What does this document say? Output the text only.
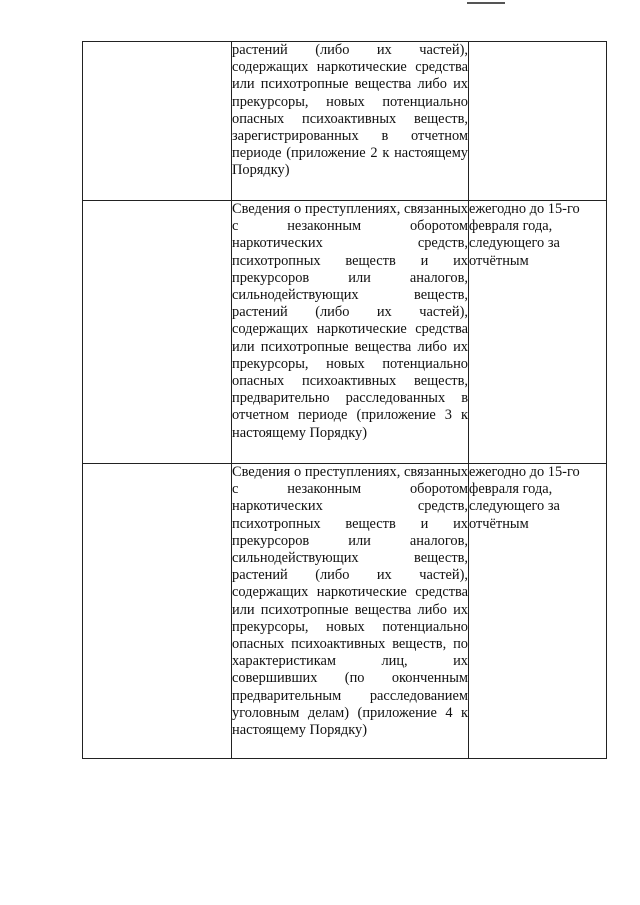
	растений (либо их частей), содержащих наркотические средства или психотропные вещества либо их прекурсоры, новых потенциально опасных психоактивных веществ, зарегистрированных в отчетном периоде (приложение 2 к настоящему Порядку)	
	Сведения о преступлениях, связанных с незаконным оборотом наркотических средств, психотропных веществ и их прекурсоров или аналогов, сильнодействующих веществ, растений (либо их частей), содержащих наркотические средства или психотропные вещества либо их прекурсоры, новых потенциально опасных психоактивных веществ, предварительно расследованных в отчетном периоде (приложение 3 к настоящему Порядку)	ежегодно до 15-го февраля года, следующего за отчётным
	Сведения о преступлениях, связанных с незаконным оборотом наркотических средств, психотропных веществ и их прекурсоров или аналогов, сильнодействующих веществ, растений (либо их частей), содержащих наркотические средства или психотропные вещества либо их прекурсоры, новых потенциально опасных психоактивных веществ, по характеристикам лиц, их совершивших (по оконченным предварительным расследованием уголовным делам) (приложение 4 к настоящему Порядку)	ежегодно до 15-го февраля года, следующего за отчётным
